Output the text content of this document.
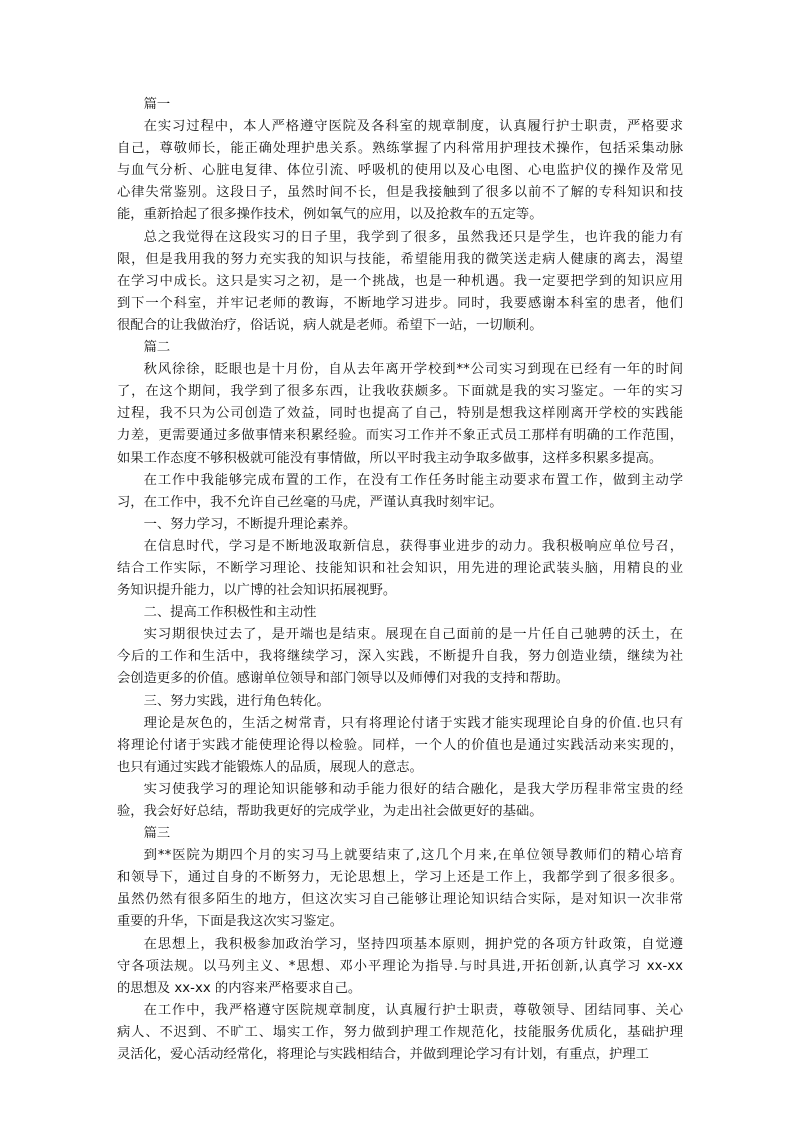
篇一

在实习过程中，本人严格遵守医院及各科室的规章制度，认真履行护士职责，严格要求

自己，尊敬师长，能正确处理护患关系。熟练掌握了内科常用护理技术操作，包括采集动脉

与血气分析、心脏电复律、体位引流、呼吸机的使用以及心电图、心电监护仪的操作及常见

心律失常鉴别。这段日子，虽然时间不长，但是我接触到了很多以前不了解的专科知识和技

能，重新拾起了很多操作技术，例如氧气的应用，以及抢救车的五定等。

总之我觉得在这段实习的日子里，我学到了很多，虽然我还只是学生，也许我的能力有

限，但是我用我的努力充实我的知识与技能，希望能用我的微笑送走病人健康的离去，渴望

在学习中成长。这只是实习之初，是一个挑战，也是一种机遇。我一定要把学到的知识应用

到下一个科室，并牢记老师的教诲，不断地学习进步。同时，我要感谢本科室的患者，他们

很配合的让我做治疗，俗话说，病人就是老师。希望下一站，一切顺利。

篇二

秋风徐徐，眨眼也是十月份，自从去年离开学校到**公司实习到现在已经有一年的时间

了，在这个期间，我学到了很多东西，让我收获颇多。下面就是我的实习鉴定。一年的实习

过程，我不只为公司创造了效益，同时也提高了自己，特别是想我这样刚离开学校的实践能

力差，更需要通过多做事情来积累经验。而实习工作并不象正式员工那样有明确的工作范围，

如果工作态度不够积极就可能没有事情做，所以平时我主动争取多做事，这样多积累多提高。

在工作中我能够完成布置的工作，在没有工作任务时能主动要求布置工作，做到主动学

习，在工作中，我不允许自己丝毫的马虎，严谨认真我时刻牢记。

一、努力学习，不断提升理论素养。

在信息时代，学习是不断地汲取新信息，获得事业进步的动力。我积极响应单位号召，

结合工作实际，不断学习理论、技能知识和社会知识，用先进的理论武装头脑，用精良的业

务知识提升能力，以广博的社会知识拓展视野。

二、提高工作积极性和主动性

实习期很快过去了，是开端也是结束。展现在自己面前的是一片任自己驰骋的沃土，在

今后的工作和生活中，我将继续学习，深入实践，不断提升自我，努力创造业绩，继续为社

会创造更多的价值。感谢单位领导和部门领导以及师傅们对我的支持和帮助。

三、努力实践，进行角色转化。

理论是灰色的，生活之树常青，只有将理论付诸于实践才能实现理论自身的价值.也只有

将理论付诸于实践才能使理论得以检验。同样，一个人的价值也是通过实践活动来实现的，

也只有通过实践才能锻炼人的品质，展现人的意志。

实习使我学习的理论知识能够和动手能力很好的结合融化，是我大学历程非常宝贵的经

验，我会好好总结，帮助我更好的完成学业，为走出社会做更好的基础。

篇三

到**医院为期四个月的实习马上就要结束了,这几个月来,在单位领导教师们的精心培育

和领导下，通过自身的不断努力，无论思想上，学习上还是工作上，我都学到了很多很多。

虽然仍然有很多陌生的地方，但这次实习自己能够让理论知识结合实际，是对知识一次非常

重要的升华，下面是我这次实习鉴定。

在思想上，我积极参加政治学习，坚持四项基本原则，拥护党的各项方针政策，自觉遵

守各项法规。以马列主义、*思想、邓小平理论为指导.与时具进,开拓创新,认真学习 xx-xx

的思想及 xx-xx 的内容来严格要求自己。

在工作中，我严格遵守医院规章制度，认真履行护士职责，尊敬领导、团结同事、关心

病人、不迟到、不旷工、塌实工作，努力做到护理工作规范化，技能服务优质化，基础护理

灵活化，爱心活动经常化，将理论与实践相结合，并做到理论学习有计划，有重点，护理工
